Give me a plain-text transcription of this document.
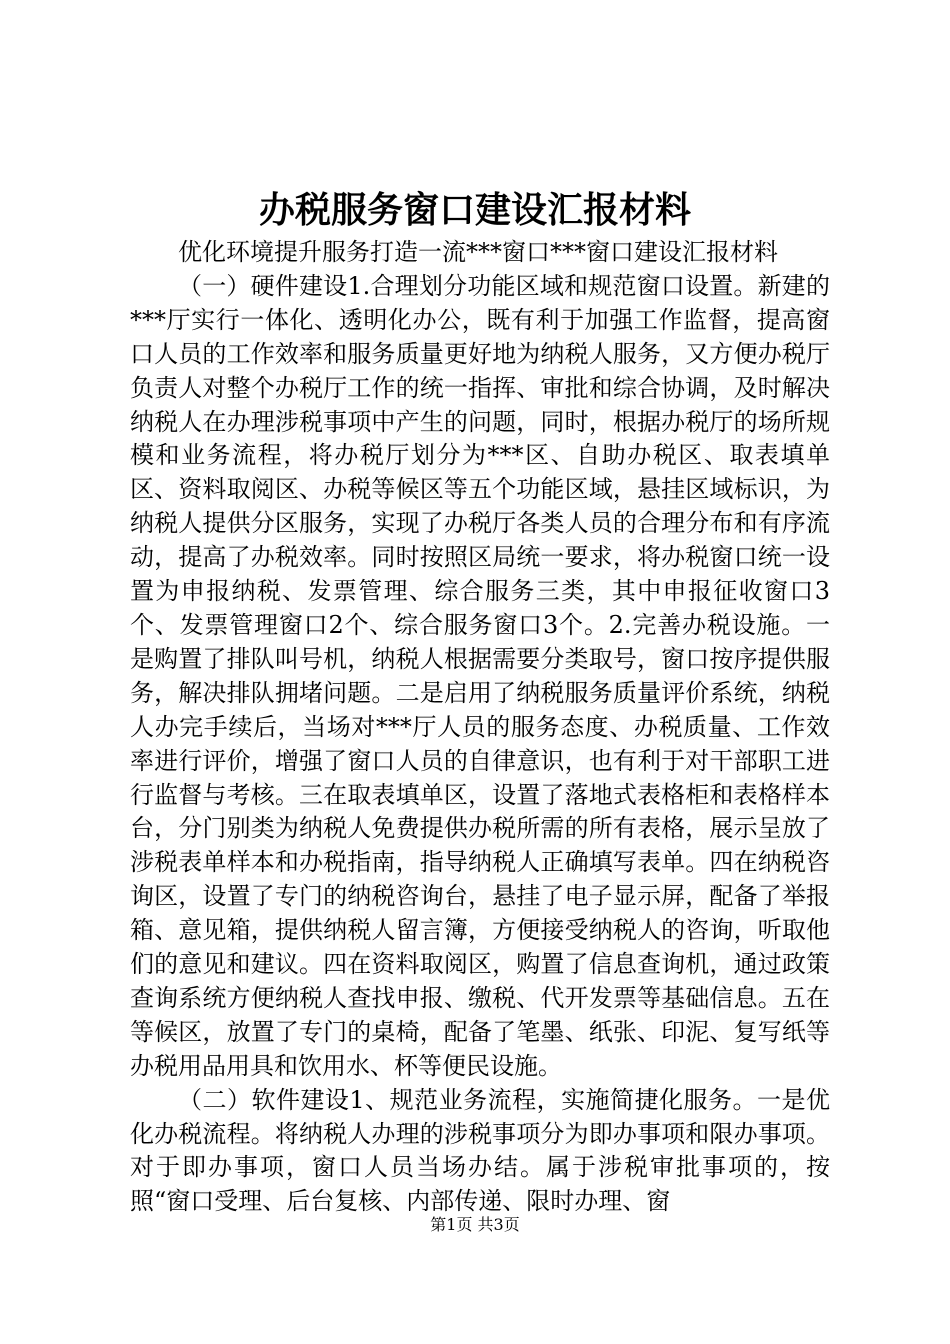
办税服务窗口建设汇报材料

优化环境提升服务打造一流***窗口***窗口建设汇报材料

（一）硬件建设1.合理划分功能区域和规范窗口设置。新建的***厅实行一体化、透明化办公，既有利于加强工作监督，提高窗口人员的工作效率和服务质量更好地为纳税人服务，又方便办税厅负责人对整个办税厅工作的统一指挥、审批和综合协调，及时解决纳税人在办理涉税事项中产生的问题，同时，根据办税厅的场所规模和业务流程，将办税厅划分为***区、自助办税区、取表填单区、资料取阅区、办税等候区等五个功能区域，悬挂区域标识，为纳税人提供分区服务，实现了办税厅各类人员的合理分布和有序流动，提高了办税效率。同时按照区局统一要求，将办税窗口统一设置为申报纳税、发票管理、综合服务三类，其中申报征收窗口3个、发票管理窗口2个、综合服务窗口3个。2.完善办税设施。一是购置了排队叫号机，纳税人根据需要分类取号，窗口按序提供服务，解决排队拥堵问题。二是启用了纳税服务质量评价系统，纳税人办完手续后，当场对***厅人员的服务态度、办税质量、工作效率进行评价，增强了窗口人员的自律意识，也有利于对干部职工进行监督与考核。三在取表填单区，设置了落地式表格柜和表格样本台，分门别类为纳税人免费提供办税所需的所有表格，展示呈放了涉税表单样本和办税指南，指导纳税人正确填写表单。四在纳税咨询区，设置了专门的纳税咨询台，悬挂了电子显示屏，配备了举报箱、意见箱，提供纳税人留言簿，方便接受纳税人的咨询，听取他们的意见和建议。四在资料取阅区，购置了信息查询机，通过政策查询系统方便纳税人查找申报、缴税、代开发票等基础信息。五在等候区，放置了专门的桌椅，配备了笔墨、纸张、印泥、复写纸等办税用品用具和饮用水、杯等便民设施。

（二）软件建设1、规范业务流程，实施简捷化服务。一是优化办税流程。将纳税人办理的涉税事项分为即办事项和限办事项。对于即办事项，窗口人员当场办结。属于涉税审批事项的，按照“窗口受理、后台复核、内部传递、限时办理、窗

第1页 共3页
